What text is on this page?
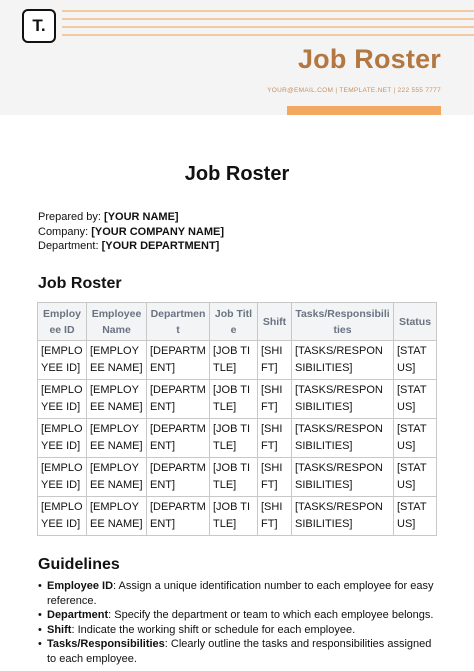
T.
Job Roster
YOUR@EMAIL.COM | TEMPLATE.NET | 222 555 7777
Job Roster
Prepared by: [YOUR NAME]
Company: [YOUR COMPANY NAME]
Department: [YOUR DEPARTMENT]
Job Roster
Employee ID	Employee Name	Department	Job Title	Shift	Tasks/Responsibilities	Status
[EMPLOYEE ID]	[EMPLOYEE NAME]	[DEPARTMENT]	[JOB TITLE]	[SHIFT]	[TASKS/RESPONSIBILITIES]	[STATUS]
[EMPLOYEE ID]	[EMPLOYEE NAME]	[DEPARTMENT]	[JOB TITLE]	[SHIFT]	[TASKS/RESPONSIBILITIES]	[STATUS]
[EMPLOYEE ID]	[EMPLOYEE NAME]	[DEPARTMENT]	[JOB TITLE]	[SHIFT]	[TASKS/RESPONSIBILITIES]	[STATUS]
[EMPLOYEE ID]	[EMPLOYEE NAME]	[DEPARTMENT]	[JOB TITLE]	[SHIFT]	[TASKS/RESPONSIBILITIES]	[STATUS]
[EMPLOYEE ID]	[EMPLOYEE NAME]	[DEPARTMENT]	[JOB TITLE]	[SHIFT]	[TASKS/RESPONSIBILITIES]	[STATUS]
Guidelines
• Employee ID: Assign a unique identification number to each employee for easy reference.
• Department: Specify the department or team to which each employee belongs.
• Shift: Indicate the working shift or schedule for each employee.
• Tasks/Responsibilities: Clearly outline the tasks and responsibilities assigned to each employee.
